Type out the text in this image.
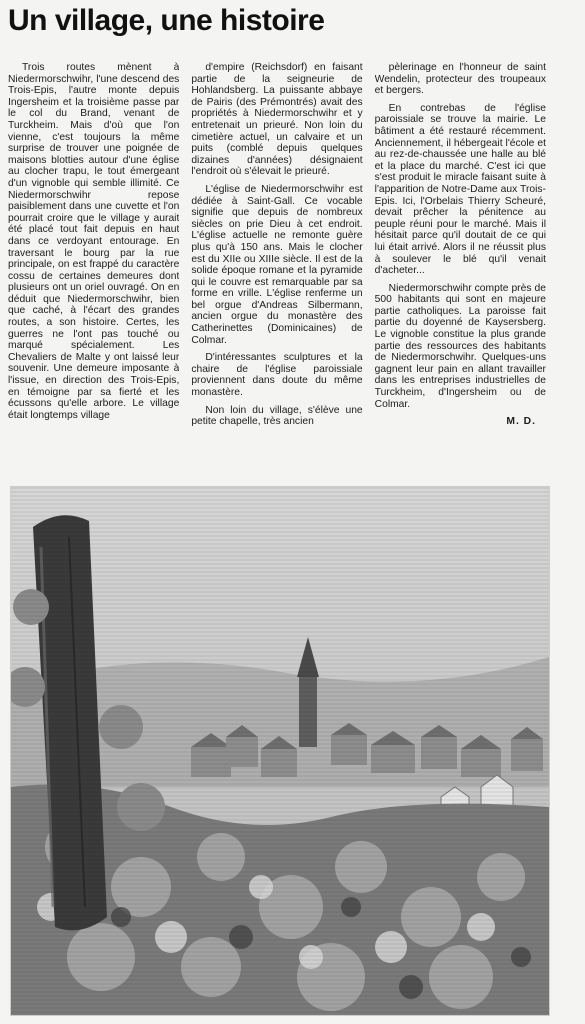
Un village, une histoire

Trois routes mènent à Niedermorschwihr, l'une descend des Trois-Epis, l'autre monte depuis Ingersheim et la troisième passe par le col du Brand, venant de Turckheim. Mais d'où que l'on vienne, c'est toujours la même surprise de trouver une poignée de maisons blotties autour d'une église au clocher trapu, le tout émergeant d'un vignoble qui semble illimité. Ce Niedermorschwihr repose paisiblement dans une cuvette et l'on pourrait croire que le village y aurait été placé tout fait depuis en haut dans ce verdoyant entourage. En traversant le bourg par la rue principale, on est frappé du caractère cossu de certaines demeures dont plusieurs ont un oriel ouvragé. On en déduit que Niedermorschwihr, bien que caché, à l'écart des grandes routes, a son histoire. Certes, les guerres ne l'ont pas touché ou marqué spécialement. Les Chevaliers de Malte y ont laissé leur souvenir. Une demeure imposante à l'issue, en direction des Trois-Epis, en témoigne par sa fierté et les écussons qu'elle arbore. Le village était longtemps village

d'empire (Reichsdorf) en faisant partie de la seigneurie de Hohlandsberg. La puissante abbaye de Pairis (des Prémontrés) avait des propriétés à Niedermorschwihr et y entretenait un prieuré. Non loin du cimetière actuel, un calvaire et un puits (comblé depuis quelques dizaines d'années) désignaient l'endroit où s'élevait le prieuré.

L'église de Niedermorschwihr est dédiée à Saint-Gall. Ce vocable signifie que depuis de nombreux siècles on prie Dieu à cet endroit. L'église actuelle ne remonte guère plus qu'à 150 ans. Mais le clocher est du XIIe ou XIIIe siècle. Il est de la solide époque romane et la pyramide qui le couvre est remarquable par sa forme en vrille. L'église renferme un bel orgue d'Andreas Silbermann, ancien orgue du monastère des Catherinettes (Dominicaines) de Colmar.

D'intéressantes sculptures et la chaire de l'église paroissiale proviennent dans doute du même monastère.

Non loin du village, s'élève une petite chapelle, très ancien

pèlerinage en l'honneur de saint Wendelin, protecteur des troupeaux et bergers.

En contrebas de l'église paroissiale se trouve la mairie. Le bâtiment a été restauré récemment. Anciennement, il hébergeait l'école et au rez-de-chaussée une halle au blé et la place du marché. C'est ici que s'est produit le miracle faisant suite à l'apparition de Notre-Dame aux Trois-Epis. Ici, l'Orbelais Thierry Scheuré, devait prêcher la pénitence au peuple réuni pour le marché. Mais il hésitait parce qu'il doutait de ce qui lui était arrivé. Alors il ne réussit plus à soulever le blé qu'il venait d'acheter...

Niedermorschwihr compte près de 500 habitants qui sont en majeure partie catholiques. La paroisse fait partie du doyenné de Kaysersberg. Le vignoble constitue la plus grande partie des ressources des habitants de Niedermorschwihr. Quelques-uns gagnent leur pain en allant travailler dans les entreprises industrielles de Turckheim, d'Ingersheim ou de Colmar.

M. D.
